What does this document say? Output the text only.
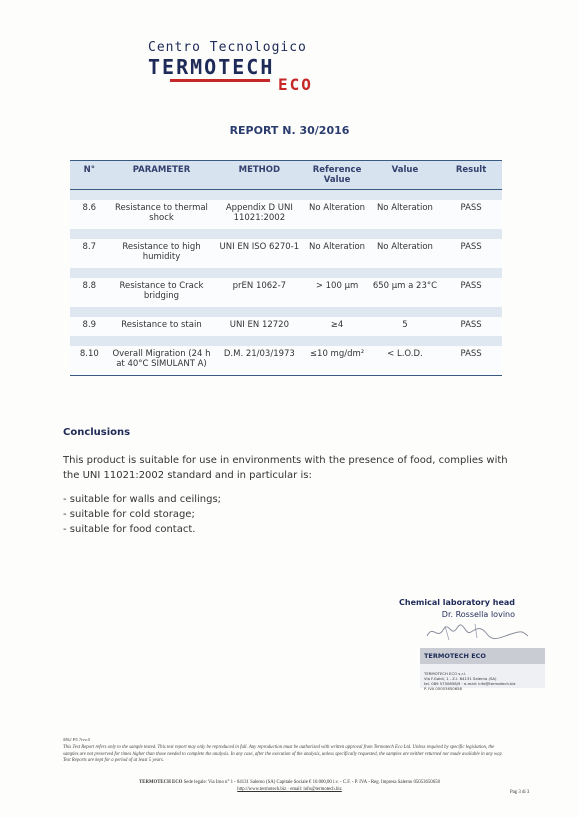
Centro Tecnologico
TERMOTECH
ECO
REPORT N. 30/2016
N°	PARAMETER	METHOD	Reference Value	Value	Result

8.6	Resistance to thermal shock	Appendix D UNI 11021:2002	No Alteration	No Alteration	PASS

8.7	Resistance to high humidity	UNI EN ISO 6270-1	No Alteration	No Alteration	PASS

8.8	Resistance to Crack bridging	prEN 1062-7	> 100 µm	650 µm a 23°C	PASS

8.9	Resistance to stain	UNI EN 12720	≥4	5	PASS

8.10	Overall Migration (24 h at 40°C SIMULANT A)	D.M. 21/03/1973	≤10 mg/dm²	< L.O.D.	PASS
Conclusions
This product is suitable for use in environments with the presence of food, complies with the UNI 11021:2002 standard and in particular is:
- suitable for walls and ceilings;
- suitable for cold storage;
- suitable for food contact.
Chemical laboratory head
Dr. Rossella Iovino
TERMOTECH ECO
TERMOTECH ECO s.r.l.
Via F.Galdi, 1 - Z.I. 84131 Salerno (SA)
tel. 089 5750658/9 · e-mail: info@termotech.biz
P. IVA 05053650658
M02 P5.7rev.0
This Test Report refers only to the sample tested. This test report may only be reproduced in full. Any reproduction must be authorized with written approval from Termotech Eco Ltd. Unless required by specific legislation, the samples are not preserved for times higher than those needed to complete the analysis. In any case, after the execution of the analysis, unless specifically requested, the samples are neither returned nor made available in any way. Test Reports are kept for a period of at least 5 years.
TERMOTECH ECO Sede legale: Via Irno n° 1 - 84131 Salerno (SA) Capitale Sociale € 10.000,00 i.v. - C.F. - P. IVA - Reg. Impresa Salerno 05053650658
http://www.termotech.biz · email: info@termotech.biz
Pag 3 di 3
